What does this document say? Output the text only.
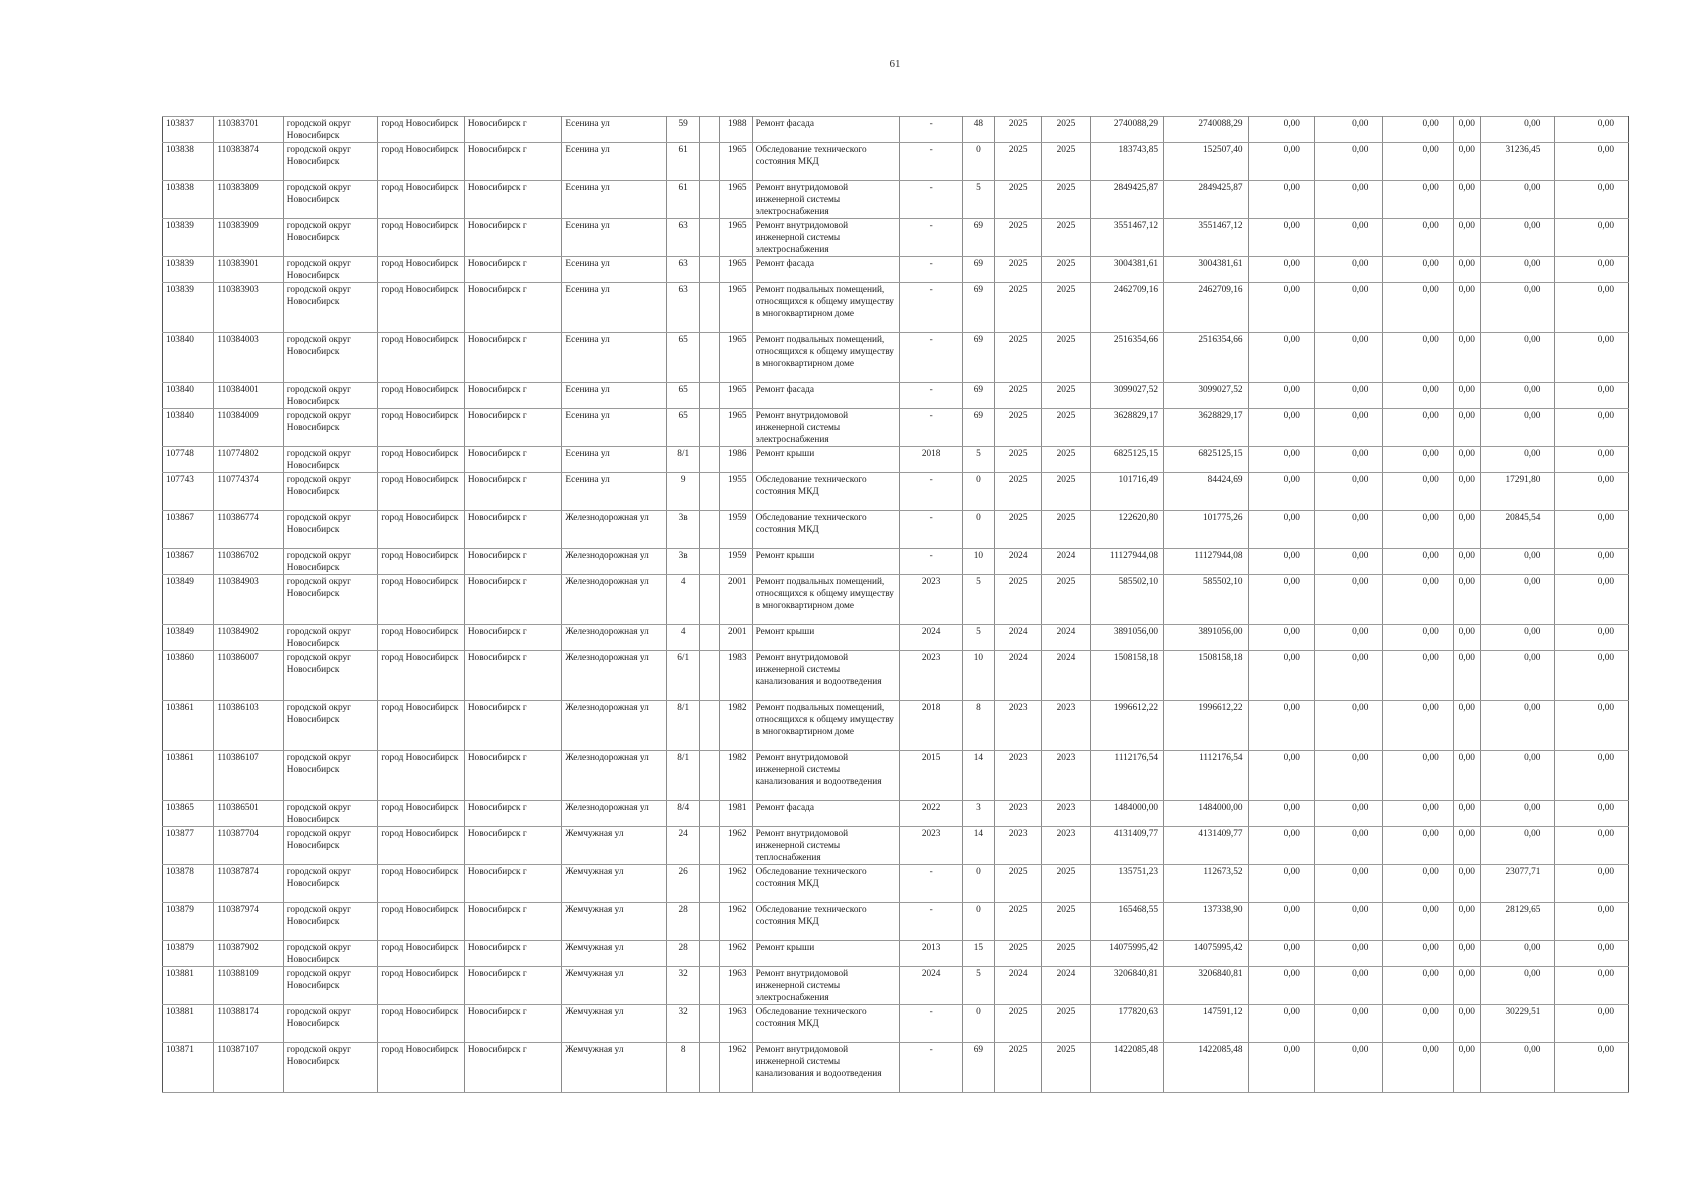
61
103837	110383701	городской округ Новосибирск	город Новосибирск	Новосибирск г	Есенина ул	59		1988	Ремонт фасада	-	48	2025	2025	2740088,29	2740088,29	0,00	0,00	0,00	0,00	0,00	0,00
103838	110383874	городской округ Новосибирск	город Новосибирск	Новосибирск г	Есенина ул	61		1965	Обследование технического состояния МКД	-	0	2025	2025	183743,85	152507,40	0,00	0,00	0,00	0,00	31236,45	0,00
103838	110383809	городской округ Новосибирск	город Новосибирск	Новосибирск г	Есенина ул	61		1965	Ремонт внутридомовой инженерной системы электроснабжения	-	5	2025	2025	2849425,87	2849425,87	0,00	0,00	0,00	0,00	0,00	0,00
103839	110383909	городской округ Новосибирск	город Новосибирск	Новосибирск г	Есенина ул	63		1965	Ремонт внутридомовой инженерной системы электроснабжения	-	69	2025	2025	3551467,12	3551467,12	0,00	0,00	0,00	0,00	0,00	0,00
103839	110383901	городской округ Новосибирск	город Новосибирск	Новосибирск г	Есенина ул	63		1965	Ремонт фасада	-	69	2025	2025	3004381,61	3004381,61	0,00	0,00	0,00	0,00	0,00	0,00
103839	110383903	городской округ Новосибирск	город Новосибирск	Новосибирск г	Есенина ул	63		1965	Ремонт подвальных помещений, относящихся к общему имуществу в многоквартирном доме	-	69	2025	2025	2462709,16	2462709,16	0,00	0,00	0,00	0,00	0,00	0,00
103840	110384003	городской округ Новосибирск	город Новосибирск	Новосибирск г	Есенина ул	65		1965	Ремонт подвальных помещений, относящихся к общему имуществу в многоквартирном доме	-	69	2025	2025	2516354,66	2516354,66	0,00	0,00	0,00	0,00	0,00	0,00
103840	110384001	городской округ Новосибирск	город Новосибирск	Новосибирск г	Есенина ул	65		1965	Ремонт фасада	-	69	2025	2025	3099027,52	3099027,52	0,00	0,00	0,00	0,00	0,00	0,00
103840	110384009	городской округ Новосибирск	город Новосибирск	Новосибирск г	Есенина ул	65		1965	Ремонт внутридомовой инженерной системы электроснабжения	-	69	2025	2025	3628829,17	3628829,17	0,00	0,00	0,00	0,00	0,00	0,00
107748	110774802	городской округ Новосибирск	город Новосибирск	Новосибирск г	Есенина ул	8/1		1986	Ремонт крыши	2018	5	2025	2025	6825125,15	6825125,15	0,00	0,00	0,00	0,00	0,00	0,00
107743	110774374	городской округ Новосибирск	город Новосибирск	Новосибирск г	Есенина ул	9		1955	Обследование технического состояния МКД	-	0	2025	2025	101716,49	84424,69	0,00	0,00	0,00	0,00	17291,80	0,00
103867	110386774	городской округ Новосибирск	город Новосибирск	Новосибирск г	Железнодорожная ул	3в		1959	Обследование технического состояния МКД	-	0	2025	2025	122620,80	101775,26	0,00	0,00	0,00	0,00	20845,54	0,00
103867	110386702	городской округ Новосибирск	город Новосибирск	Новосибирск г	Железнодорожная ул	3в		1959	Ремонт крыши	-	10	2024	2024	11127944,08	11127944,08	0,00	0,00	0,00	0,00	0,00	0,00
103849	110384903	городской округ Новосибирск	город Новосибирск	Новосибирск г	Железнодорожная ул	4		2001	Ремонт подвальных помещений, относящихся к общему имуществу в многоквартирном доме	2023	5	2025	2025	585502,10	585502,10	0,00	0,00	0,00	0,00	0,00	0,00
103849	110384902	городской округ Новосибирск	город Новосибирск	Новосибирск г	Железнодорожная ул	4		2001	Ремонт крыши	2024	5	2024	2024	3891056,00	3891056,00	0,00	0,00	0,00	0,00	0,00	0,00
103860	110386007	городской округ Новосибирск	город Новосибирск	Новосибирск г	Железнодорожная ул	6/1		1983	Ремонт внутридомовой инженерной системы канализования и водоотведения	2023	10	2024	2024	1508158,18	1508158,18	0,00	0,00	0,00	0,00	0,00	0,00
103861	110386103	городской округ Новосибирск	город Новосибирск	Новосибирск г	Железнодорожная ул	8/1		1982	Ремонт подвальных помещений, относящихся к общему имуществу в многоквартирном доме	2018	8	2023	2023	1996612,22	1996612,22	0,00	0,00	0,00	0,00	0,00	0,00
103861	110386107	городской округ Новосибирск	город Новосибирск	Новосибирск г	Железнодорожная ул	8/1		1982	Ремонт внутридомовой инженерной системы канализования и водоотведения	2015	14	2023	2023	1112176,54	1112176,54	0,00	0,00	0,00	0,00	0,00	0,00
103865	110386501	городской округ Новосибирск	город Новосибирск	Новосибирск г	Железнодорожная ул	8/4		1981	Ремонт фасада	2022	3	2023	2023	1484000,00	1484000,00	0,00	0,00	0,00	0,00	0,00	0,00
103877	110387704	городской округ Новосибирск	город Новосибирск	Новосибирск г	Жемчужная ул	24		1962	Ремонт внутридомовой инженерной системы теплоснабжения	2023	14	2023	2023	4131409,77	4131409,77	0,00	0,00	0,00	0,00	0,00	0,00
103878	110387874	городской округ Новосибирск	город Новосибирск	Новосибирск г	Жемчужная ул	26		1962	Обследование технического состояния МКД	-	0	2025	2025	135751,23	112673,52	0,00	0,00	0,00	0,00	23077,71	0,00
103879	110387974	городской округ Новосибирск	город Новосибирск	Новосибирск г	Жемчужная ул	28		1962	Обследование технического состояния МКД	-	0	2025	2025	165468,55	137338,90	0,00	0,00	0,00	0,00	28129,65	0,00
103879	110387902	городской округ Новосибирск	город Новосибирск	Новосибирск г	Жемчужная ул	28		1962	Ремонт крыши	2013	15	2025	2025	14075995,42	14075995,42	0,00	0,00	0,00	0,00	0,00	0,00
103881	110388109	городской округ Новосибирск	город Новосибирск	Новосибирск г	Жемчужная ул	32		1963	Ремонт внутридомовой инженерной системы электроснабжения	2024	5	2024	2024	3206840,81	3206840,81	0,00	0,00	0,00	0,00	0,00	0,00
103881	110388174	городской округ Новосибирск	город Новосибирск	Новосибирск г	Жемчужная ул	32		1963	Обследование технического состояния МКД	-	0	2025	2025	177820,63	147591,12	0,00	0,00	0,00	0,00	30229,51	0,00
103871	110387107	городской округ Новосибирск	город Новосибирск	Новосибирск г	Жемчужная ул	8		1962	Ремонт внутридомовой инженерной системы канализования и водоотведения	-	69	2025	2025	1422085,48	1422085,48	0,00	0,00	0,00	0,00	0,00	0,00
